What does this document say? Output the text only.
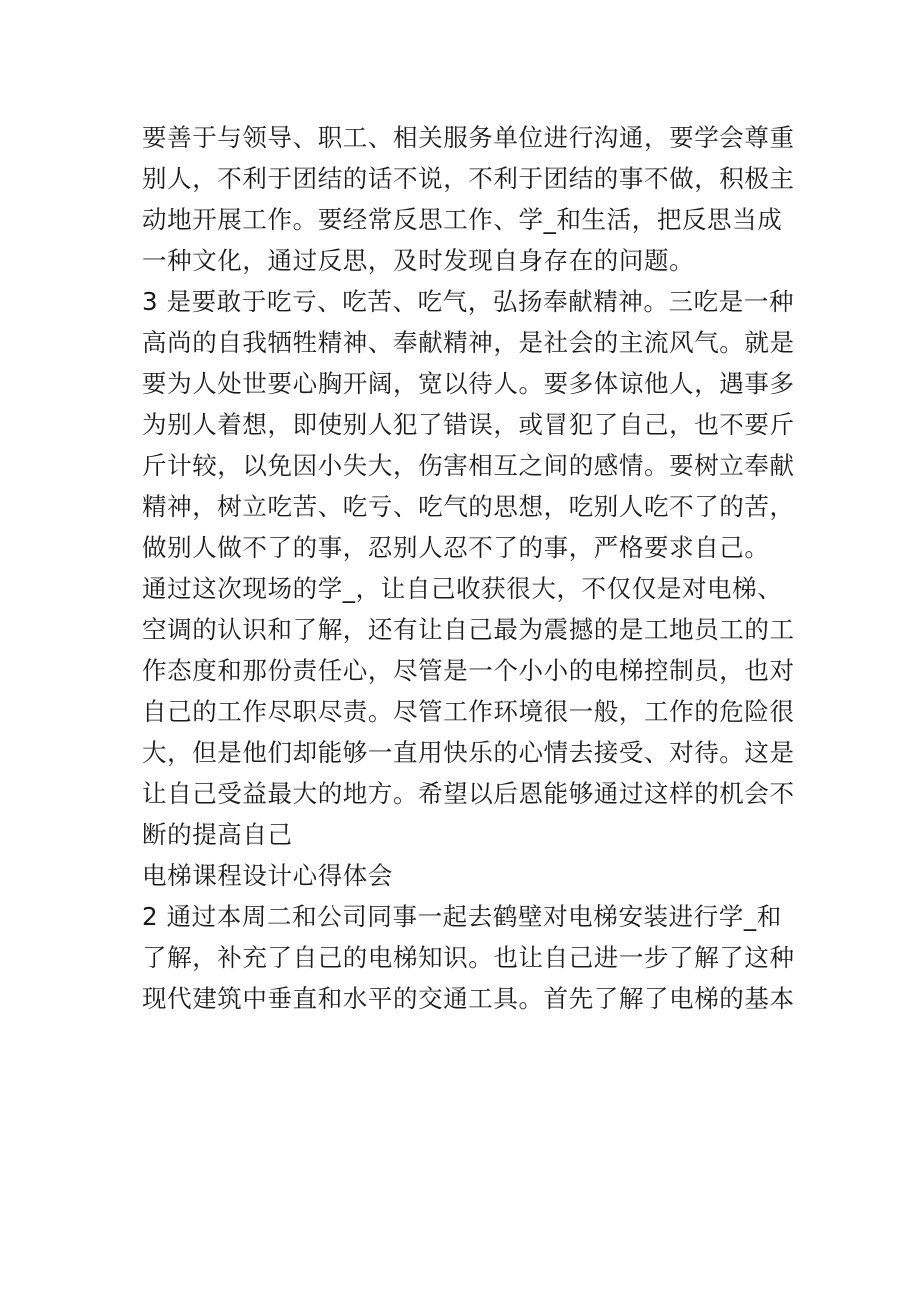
要善于与领导、职工、相关服务单位进行沟通，要学会尊重
别人，不利于团结的话不说，不利于团结的事不做，积极主
动地开展工作。要经常反思工作、学_和生活，把反思当成
一种文化，通过反思，及时发现自身存在的问题。
3 是要敢于吃亏、吃苦、吃气，弘扬奉献精神。三吃是一种
高尚的自我牺牲精神、奉献精神，是社会的主流风气。就是
要为人处世要心胸开阔，宽以待人。要多体谅他人，遇事多
为别人着想，即使别人犯了错误，或冒犯了自己，也不要斤
斤计较，以免因小失大，伤害相互之间的感情。要树立奉献
精神，树立吃苦、吃亏、吃气的思想，吃别人吃不了的苦，
做别人做不了的事，忍别人忍不了的事，严格要求自己。
通过这次现场的学_，让自己收获很大，不仅仅是对电梯、
空调的认识和了解，还有让自己最为震撼的是工地员工的工
作态度和那份责任心，尽管是一个小小的电梯控制员，也对
自己的工作尽职尽责。尽管工作环境很一般，工作的危险很
大，但是他们却能够一直用快乐的心情去接受、对待。这是
让自己受益最大的地方。希望以后恩能够通过这样的机会不
断的提高自己
电梯课程设计心得体会
2 通过本周二和公司同事一起去鹤壁对电梯安装进行学_和
了解，补充了自己的电梯知识。也让自己进一步了解了这种
现代建筑中垂直和水平的交通工具。首先了解了电梯的基本
